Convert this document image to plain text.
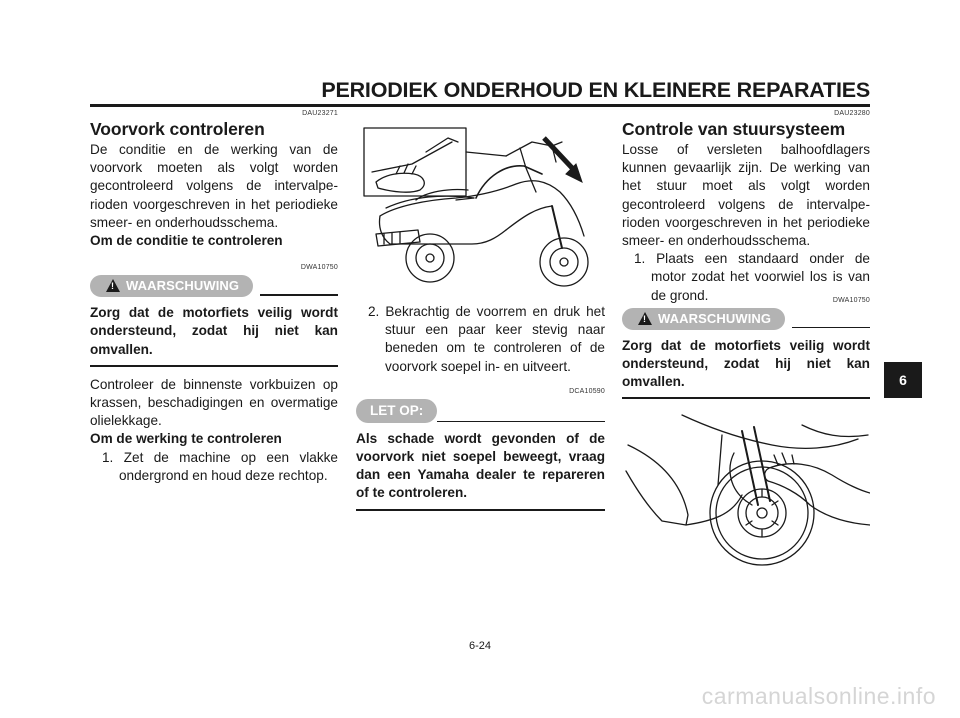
PERIODIEK ONDERHOUD EN KLEINERE REPARATIES
DAU23271
Voorvork controleren

De conditie en de werking van de voorvork moeten als volgt worden gecontroleerd volgens de intervalperioden voorgeschreven in het periodieke smeer- en onderhoudsschema.

Om de conditie te controleren

DWA10750
!
WAARSCHUWING
Zorg dat de motorfiets veilig wordt ondersteund, zodat hij niet kan omvallen.

Controleer de binnenste vorkbuizen op krassen, beschadigingen en overmatige olielekkage.

Om de werking te controleren

1. Zet de machine op een vlakke ondergrond en houd deze rechtop.
2. Bekrachtig de voorrem en druk het stuur een paar keer stevig naar beneden om te controleren of de voorvork soepel in- en uitveert.
DCA10590
LET OP:
Als schade wordt gevonden of de voorvork niet soepel beweegt, vraag dan een Yamaha dealer te repareren of te controleren.
DAU23280
Controle van stuursysteem

Losse of versleten balhoofdlagers kunnen gevaarlijk zijn. De werking van het stuur moet als volgt worden gecontroleerd volgens de intervalperioden voorgeschreven in het periodieke smeer- en onderhoudsschema.

1. Plaats een standaard onder de motor zodat het voorwiel los is van de grond.	DWA10750
!
WAARSCHUWING
Zorg dat de motorfiets veilig wordt ondersteund, zodat hij niet kan omvallen.	6
6-24
carmanualsonline.info
